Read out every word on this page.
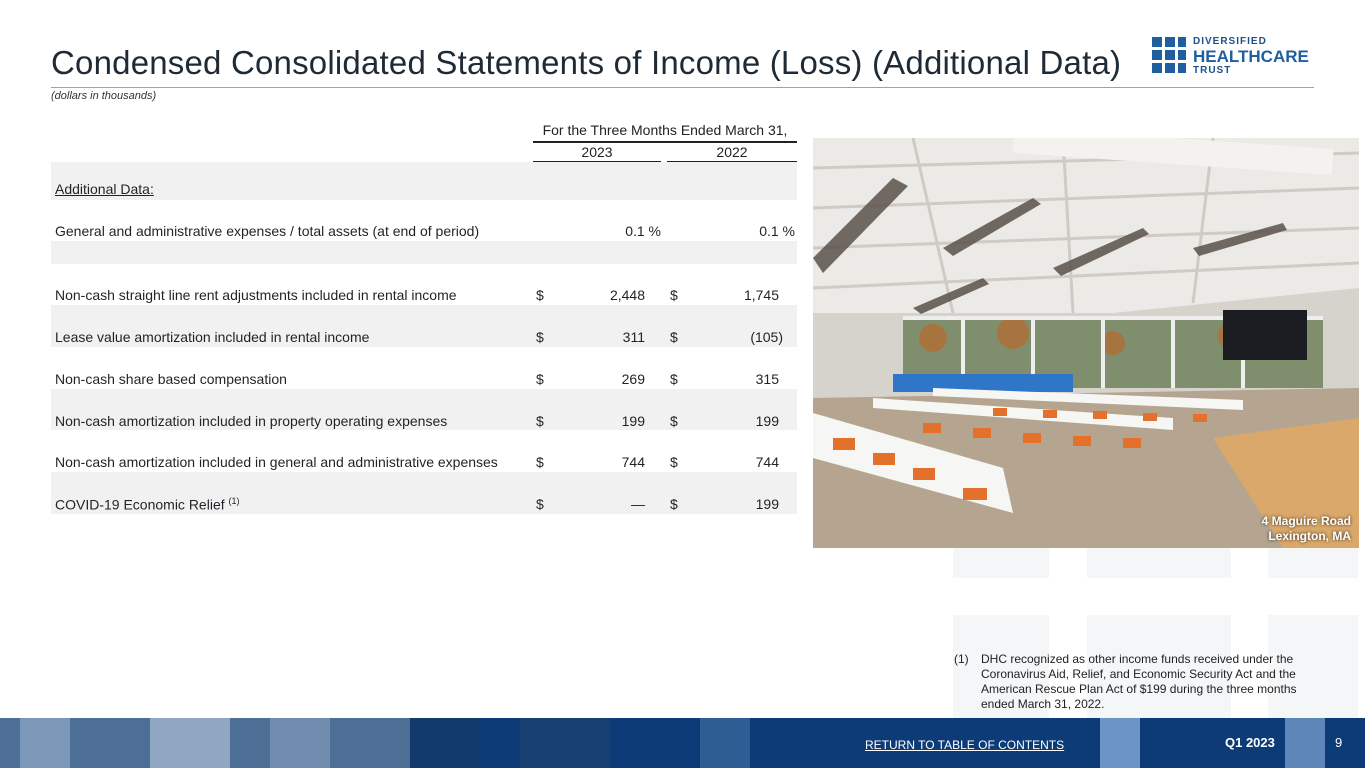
Condensed Consolidated Statements of Income (Loss) (Additional Data)
(dollars in thousands)
DIVERSIFIED
HEALTHCARE
TRUST
For the Three Months Ended March 31,
2023	2022
Additional Data:
General and administrative expenses / total assets (at end of period)	0.1 %	0.1 %
Non-cash straight line rent adjustments included in rental income	$	2,448 $	1,745
Lease value amortization included in rental income	$	311 $	(105)
Non-cash share based compensation	$	269 $	315
Non-cash amortization included in property operating expenses	$	199 $	199
Non-cash amortization included in general and administrative expenses	$	744 $	744
COVID-19 Economic Relief $^{(1)}$	$	— $	199
4 Maguire Road
Lexington, MA
(1) DHC recognized as other income funds received under the Coronavirus Aid, Relief, and Economic Security Act and the American Rescue Plan Act of $199 during the three months ended March 31, 2022.
RETURN TO TABLE OF CONTENTS	Q1 2023	9
